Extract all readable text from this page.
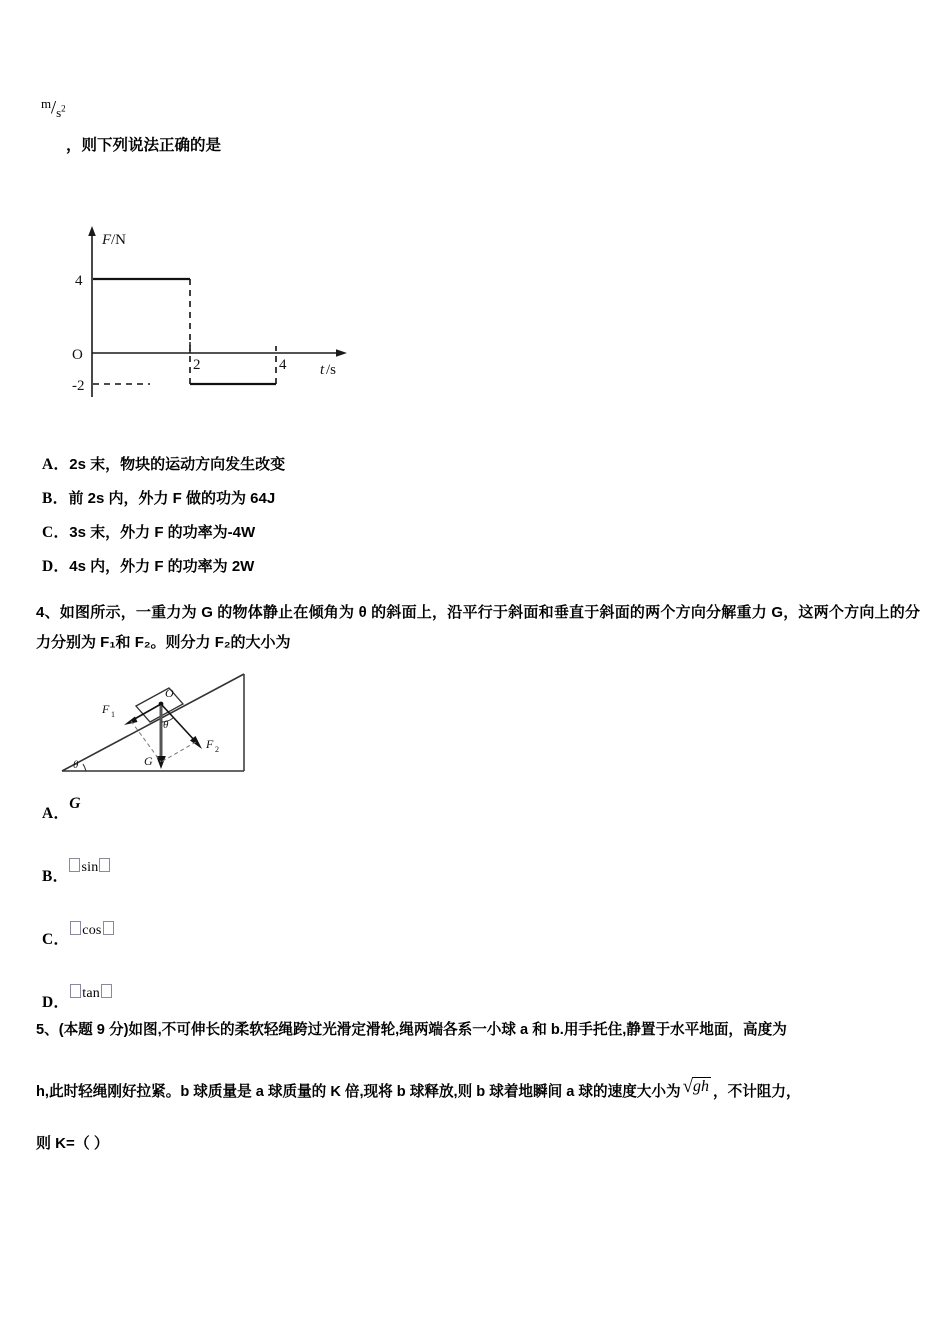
$m/s^2$
，则下列说法正确的是
F /N
4
-2
O
2	4 t /s
A． 2s 末，物块的运动方向发生改变
B． 前 2s 内，外力 F 做的功为 64J
C． 3s 末，外力 F 的功率为-4W
D． 4s 内，外力 F 的功率为 2W
4、如图所示，一重力为 G 的物体静止在倾角为 θ 的斜面上，沿平行于斜面和垂直于斜面的两个方向分解重力 G，这两个方向上的分力分别为 F₁和 F₂。则分力 F₂的大小为
θ
O
G
F 1
F 2
θ
A．
G
B．
sin
C．
cos
D．
tan
5、(本题 9 分)如图,不可伸长的柔软轻绳跨过光滑定滑轮,绳两端各系一小球 a 和 b.用手托住,静置于水平地面，高度为
h,此时轻绳刚好拉紧。b 球质量是 a 球质量的 K 倍,现将 b 球释放,则 b 球着地瞬间 a 球的速度大小为 √gh ，不计阻力，
则 K=（ ）
